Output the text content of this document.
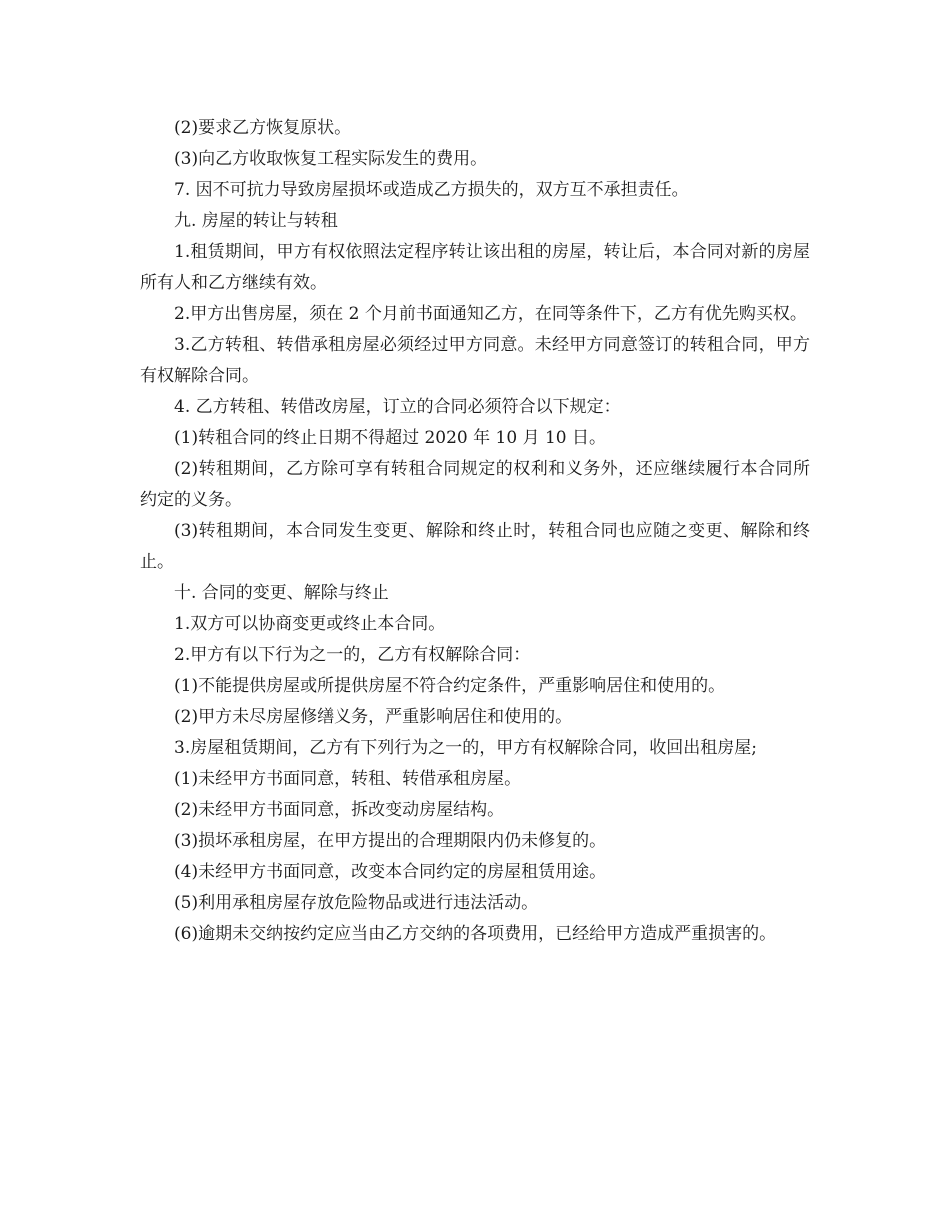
(2)要求乙方恢复原状。

(3)向乙方收取恢复工程实际发生的费用。

7. 因不可抗力导致房屋损坏或造成乙方损失的，双方互不承担责任。

九. 房屋的转让与转租

1.租赁期间，甲方有权依照法定程序转让该出租的房屋，转让后，本合同对新的房屋所有人和乙方继续有效。

2.甲方出售房屋，须在 2 个月前书面通知乙方，在同等条件下，乙方有优先购买权。

3.乙方转租、转借承租房屋必须经过甲方同意。未经甲方同意签订的转租合同，甲方有权解除合同。

4. 乙方转租、转借改房屋，订立的合同必须符合以下规定：

(1)转租合同的终止日期不得超过 2020 年 10 月 10 日。

(2)转租期间，乙方除可享有转租合同规定的权利和义务外，还应继续履行本合同所约定的义务。

(3)转租期间，本合同发生变更、解除和终止时，转租合同也应随之变更、解除和终止。

十. 合同的变更、解除与终止

1.双方可以协商变更或终止本合同。

2.甲方有以下行为之一的，乙方有权解除合同：

(1)不能提供房屋或所提供房屋不符合约定条件，严重影响居住和使用的。

(2)甲方未尽房屋修缮义务，严重影响居住和使用的。

3.房屋租赁期间，乙方有下列行为之一的，甲方有权解除合同，收回出租房屋;

(1)未经甲方书面同意，转租、转借承租房屋。

(2)未经甲方书面同意，拆改变动房屋结构。

(3)损坏承租房屋，在甲方提出的合理期限内仍未修复的。

(4)未经甲方书面同意，改变本合同约定的房屋租赁用途。

(5)利用承租房屋存放危险物品或进行违法活动。

(6)逾期未交纳按约定应当由乙方交纳的各项费用，已经给甲方造成严重损害的。
